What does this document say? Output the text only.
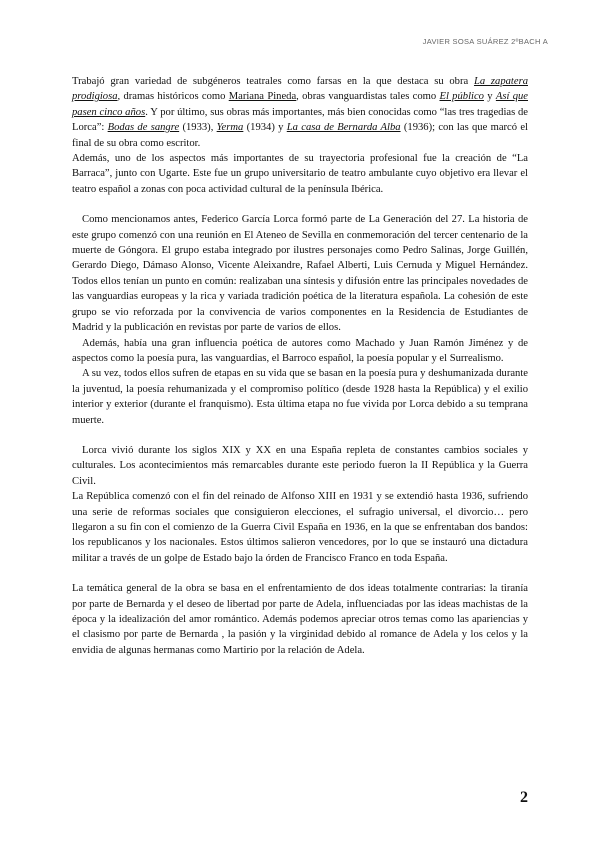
JAVIER SOSA SUÁREZ 2ºBACH A

Trabajó gran variedad de subgéneros teatrales como farsas en la que destaca su obra La zapatera prodigiosa, dramas históricos como Mariana Pineda, obras vanguardistas tales como El público y Así que pasen cinco años. Y por último, sus obras más importantes, más bien conocidas como “las tres tragedias de Lorca”: Bodas de sangre (1933), Yerma (1934) y La casa de Bernarda Alba (1936); con las que marcó el final de su obra como escritor.

Además, uno de los aspectos más importantes de su trayectoria profesional fue la creación de “La Barraca”, junto con Ugarte. Este fue un grupo universitario de teatro ambulante cuyo objetivo era llevar el teatro español a zonas con poca actividad cultural de la península Ibérica.

Como mencionamos antes, Federico García Lorca formó parte de La Generación del 27. La historia de este grupo comenzó con una reunión en El Ateneo de Sevilla en conmemoración del tercer centenario de la muerte de Góngora. El grupo estaba integrado por ilustres personajes como Pedro Salinas, Jorge Guillén, Gerardo Diego, Dámaso Alonso, Vicente Aleixandre, Rafael Alberti, Luis Cernuda y Miguel Hernández. Todos ellos tenían un punto en común: realizaban una síntesis y difusión entre las principales novedades de las vanguardias europeas y la rica y variada tradición poética de la literatura española. La cohesión de este grupo se vio reforzada por la convivencia de varios componentes en la Residencia de Estudiantes de Madrid y la publicación en revistas por parte de varios de ellos.

Además, había una gran influencia poética de autores como Machado y Juan Ramón Jiménez y de aspectos como la poesía pura, las vanguardias, el Barroco español, la poesía popular y el Surrealismo.

A su vez, todos ellos sufren de etapas en su vida que se basan en la poesía pura y deshumanizada durante la juventud, la poesía rehumanizada y el compromiso político (desde 1928 hasta la República) y el exilio interior y exterior (durante el franquismo). Esta última etapa no fue vivida por Lorca debido a su temprana muerte.

Lorca vivió durante los siglos XIX y XX en una España repleta de constantes cambios sociales y culturales. Los acontecimientos más remarcables durante este periodo fueron la II República y la Guerra Civil.

La República comenzó con el fin del reinado de Alfonso XIII en 1931 y se extendió hasta 1936, sufriendo una serie de reformas sociales que consiguieron elecciones, el sufragio universal, el divorcio… pero llegaron a su fin con el comienzo de la Guerra Civil España en 1936, en la que se enfrentaban dos bandos: los republicanos y los nacionales. Estos últimos salieron vencedores, por lo que se instauró una dictadura militar a través de un golpe de Estado bajo la órden de Francisco Franco en toda España.

La temática general de la obra se basa en el enfrentamiento de dos ideas totalmente contrarias: la tiranía por parte de Bernarda y el deseo de libertad por parte de Adela, influenciadas por las ideas machistas de la época y la idealización del amor romántico. Además podemos apreciar otros temas como las apariencias y el clasismo por parte de Bernarda , la pasión y la virginidad debido al romance de Adela y los celos y la envidia de algunas hermanas como Martirio por la relación de Adela.

2
